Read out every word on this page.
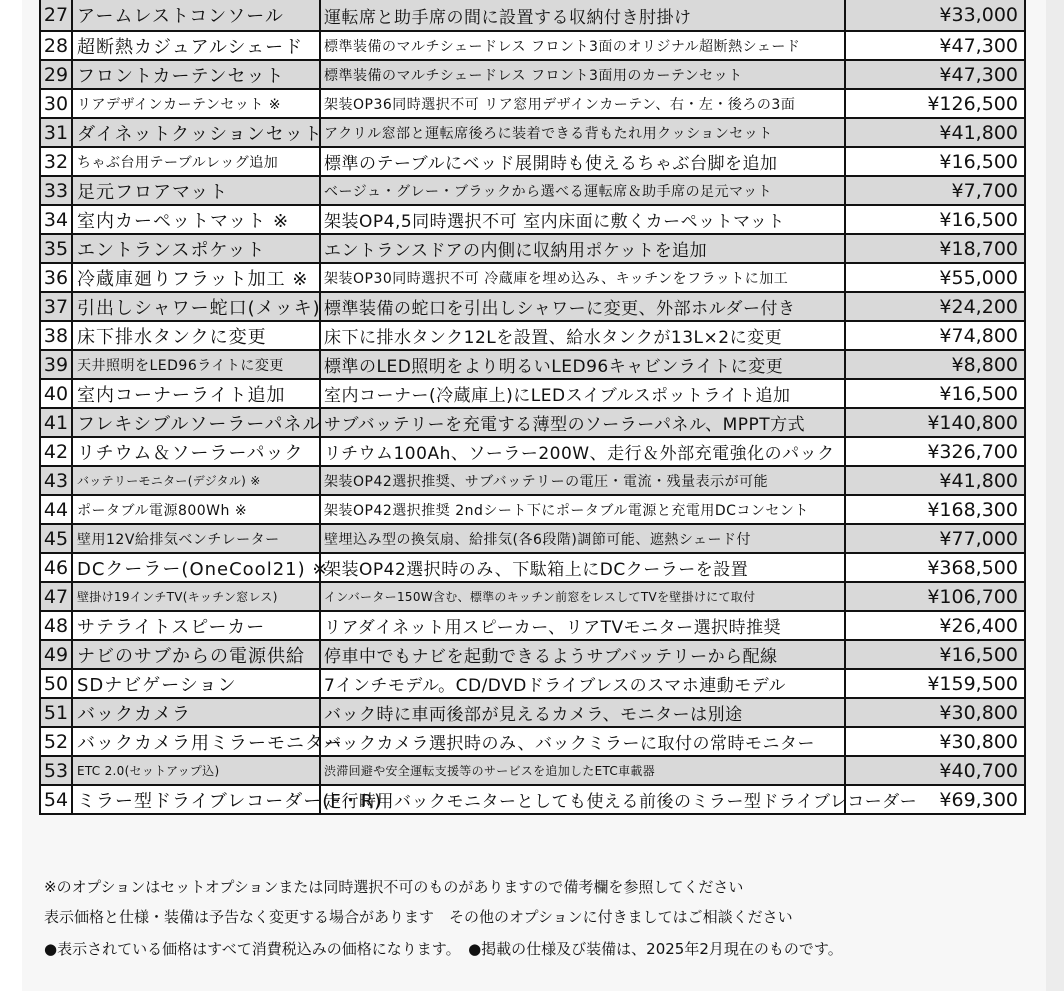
27	アームレストコンソール	運転席と助手席の間に設置する収納付き肘掛け	¥33,000
28	超断熱カジュアルシェード	標準装備のマルチシェードレス フロント3面のオリジナル超断熱シェード	¥47,300
29	フロントカーテンセット	標準装備のマルチシェードレス フロント3面用のカーテンセット	¥47,300
30	リアデザインカーテンセット ※	架装OP36同時選択不可 リア窓用デザインカーテン、右・左・後ろの3面	¥126,500
31	ダイネットクッションセット	アクリル窓部と運転席後ろに装着できる背もたれ用クッションセット	¥41,800
32	ちゃぶ台用テーブルレッグ追加	標準のテーブルにベッド展開時も使えるちゃぶ台脚を追加	¥16,500
33	足元フロアマット	ベージュ・グレー・ブラックから選べる運転席＆助手席の足元マット	¥7,700
34	室内カーペットマット ※	架装OP4,5同時選択不可 室内床面に敷くカーペットマット	¥16,500
35	エントランスポケット	エントランスドアの内側に収納用ポケットを追加	¥18,700
36	冷蔵庫廻りフラット加工 ※	架装OP30同時選択不可 冷蔵庫を埋め込み、キッチンをフラットに加工	¥55,000
37	引出しシャワー蛇口(メッキ)	標準装備の蛇口を引出しシャワーに変更、外部ホルダー付き	¥24,200
38	床下排水タンクに変更	床下に排水タンク12Lを設置、給水タンクが13L×2に変更	¥74,800
39	天井照明をLED96ライトに変更	標準のLED照明をより明るいLED96キャビンライトに変更	¥8,800
40	室内コーナーライト追加	室内コーナー(冷蔵庫上)にLEDスイブルスポットライト追加	¥16,500
41	フレキシブルソーラーパネル	サブバッテリーを充電する薄型のソーラーパネル、MPPT方式	¥140,800
42	リチウム＆ソーラーパック	リチウム100Ah、ソーラー200W、走行＆外部充電強化のパック	¥326,700
43	バッテリーモニター(デジタル) ※	架装OP42選択推奨、サブバッテリーの電圧・電流・残量表示が可能	¥41,800
44	ポータブル電源800Wh ※	架装OP42選択推奨 2ndシート下にポータブル電源と充電用DCコンセント	¥168,300
45	壁用12V給排気ベンチレーター	壁埋込み型の換気扇、給排気(各6段階)調節可能、遮熱シェード付	¥77,000
46	DCクーラー(OneCool21) ※	架装OP42選択時のみ、下駄箱上にDCクーラーを設置	¥368,500
47	壁掛け19インチTV(キッチン窓レス)	インバーター150W含む、標準のキッチン前窓をレスしてTVを壁掛けにて取付	¥106,700
48	サテライトスピーカー	リアダイネット用スピーカー、リアTVモニター選択時推奨	¥26,400
49	ナビのサブからの電源供給	停車中でもナビを起動できるようサブバッテリーから配線	¥16,500
50	SDナビゲーション	7インチモデル。CD/DVDドライブレスのスマホ連動モデル	¥159,500
51	バックカメラ	バック時に車両後部が見えるカメラ、モニターは別途	¥30,800
52	バックカメラ用ミラーモニター	バックカメラ選択時のみ、バックミラーに取付の常時モニター	¥30,800
53	ETC 2.0(セットアップ込)	渋滞回避や安全運転支援等のサービスを追加したETC車載器	¥40,700
54	ミラー型ドライブレコーダー(F・R)	走行時用バックモニターとしても使える前後のミラー型ドライブレコーダー	¥69,300
※のオプションはセットオプションまたは同時選択不可のものがありますので備考欄を参照してください
表示価格と仕様・装備は予告なく変更する場合があります　その他のオプションに付きましてはご相談ください
●表示されている価格はすべて消費税込みの価格になります。　●掲載の仕様及び装備は、2025年2月現在のものです。
